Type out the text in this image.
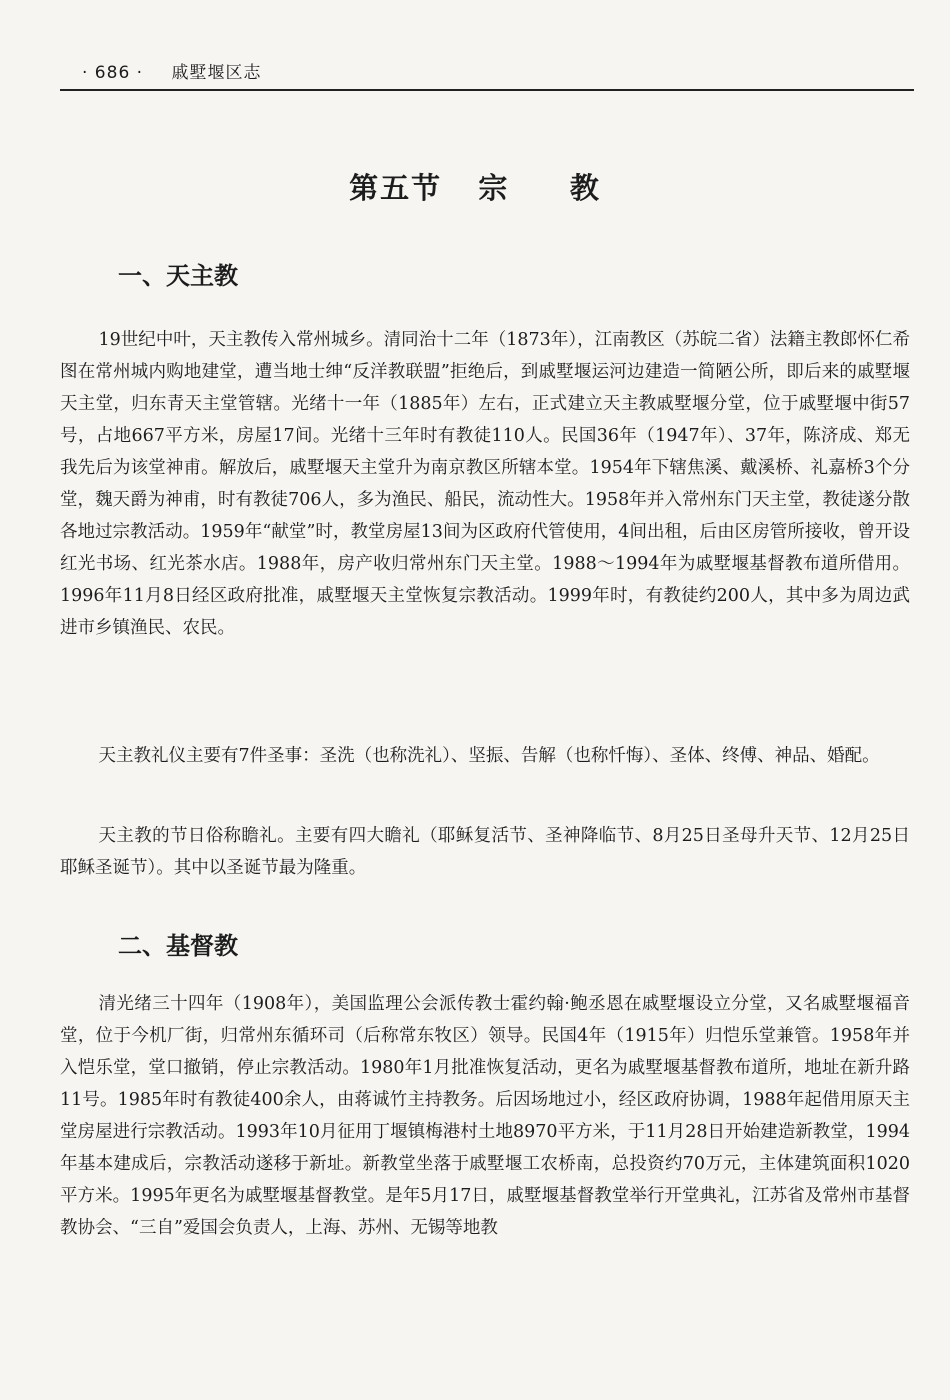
· 686 · 戚墅堰区志
第五节   宗     教
一、天主教

19世纪中叶，天主教传入常州城乡。清同治十二年（1873年），江南教区（苏皖二省）法籍主教郎怀仁希图在常州城内购地建堂，遭当地士绅“反洋教联盟”拒绝后，到戚墅堰运河边建造一简陋公所，即后来的戚墅堰天主堂，归东青天主堂管辖。光绪十一年（1885年）左右，正式建立天主教戚墅堰分堂，位于戚墅堰中街57号，占地667平方米，房屋17间。光绪十三年时有教徒110人。民国36年（1947年）、37年，陈济成、郑无我先后为该堂神甫。解放后，戚墅堰天主堂升为南京教区所辖本堂。1954年下辖焦溪、戴溪桥、礼嘉桥3个分堂，魏天爵为神甫，时有教徒706人，多为渔民、船民，流动性大。1958年并入常州东门天主堂，教徒遂分散各地过宗教活动。1959年“献堂”时，教堂房屋13间为区政府代管使用，4间出租，后由区房管所接收，曾开设红光书场、红光茶水店。1988年，房产收归常州东门天主堂。1988～1994年为戚墅堰基督教布道所借用。1996年11月8日经区政府批准，戚墅堰天主堂恢复宗教活动。1999年时，有教徒约200人，其中多为周边武进市乡镇渔民、农民。

天主教礼仪主要有7件圣事：圣洗（也称洗礼）、坚振、告解（也称忏悔）、圣体、终傅、神品、婚配。

天主教的节日俗称瞻礼。主要有四大瞻礼（耶稣复活节、圣神降临节、8月25日圣母升天节、12月25日耶稣圣诞节）。其中以圣诞节最为隆重。

二、基督教

清光绪三十四年（1908年），美国监理公会派传教士霍约翰·鲍丞恩在戚墅堰设立分堂，又名戚墅堰福音堂，位于今机厂街，归常州东循环司（后称常东牧区）领导。民国4年（1915年）归恺乐堂兼管。1958年并入恺乐堂，堂口撤销，停止宗教活动。1980年1月批准恢复活动，更名为戚墅堰基督教布道所，地址在新升路11号。1985年时有教徒400余人，由蒋诚竹主持教务。后因场地过小，经区政府协调，1988年起借用原天主堂房屋进行宗教活动。1993年10月征用丁堰镇梅港村土地8970平方米，于11月28日开始建造新教堂，1994年基本建成后，宗教活动遂移于新址。新教堂坐落于戚墅堰工农桥南，总投资约70万元，主体建筑面积1020平方米。1995年更名为戚墅堰基督教堂。是年5月17日，戚墅堰基督教堂举行开堂典礼，江苏省及常州市基督教协会、“三自”爱国会负责人，上海、苏州、无锡等地教
